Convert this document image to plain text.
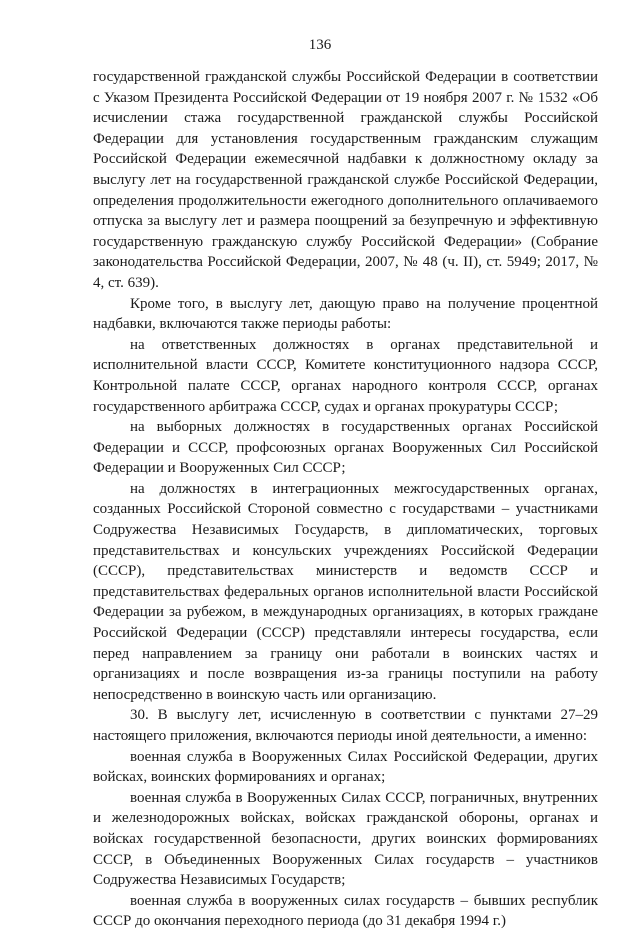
136

государственной гражданской службы Российской Федерации в соответствии с Указом Президента Российской Федерации от 19 ноября 2007 г. № 1532 «Об исчислении стажа государственной гражданской службы Российской Федерации для установления государственным гражданским служащим Российской Федерации ежемесячной надбавки к должностному окладу за выслугу лет на государственной гражданской службе Российской Федерации, определения продолжительности ежегодного дополнительного оплачиваемого отпуска за выслугу лет и размера поощрений за безупречную и эффективную государственную гражданскую службу Российской Федерации» (Собрание законодательства Российской Федерации, 2007, № 48 (ч. II), ст. 5949; 2017, № 4, ст. 639).

Кроме того, в выслугу лет, дающую право на получение процентной надбавки, включаются также периоды работы:

на ответственных должностях в органах представительной и исполнительной власти СССР, Комитете конституционного надзора СССР, Контрольной палате СССР, органах народного контроля СССР, органах государственного арбитража СССР, судах и органах прокуратуры СССР;

на выборных должностях в государственных органах Российской Федерации и СССР, профсоюзных органах Вооруженных Сил Российской Федерации и Вооруженных Сил СССР;

на должностях в интеграционных межгосударственных органах, созданных Российской Стороной совместно с государствами – участниками Содружества Независимых Государств, в дипломатических, торговых представительствах и консульских учреждениях Российской Федерации (СССР), представительствах министерств и ведомств СССР и представительствах федеральных органов исполнительной власти Российской Федерации за рубежом, в международных организациях, в которых граждане Российской Федерации (СССР) представляли интересы государства, если перед направлением за границу они работали в воинских частях и организациях и после возвращения из-за границы поступили на работу непосредственно в воинскую часть или организацию.

30. В выслугу лет, исчисленную в соответствии с пунктами 27–29 настоящего приложения, включаются периоды иной деятельности, а именно:

военная служба в Вооруженных Силах Российской Федерации, других войсках, воинских формированиях и органах;

военная служба в Вооруженных Силах СССР, пограничных, внутренних и железнодорожных войсках, войсках гражданской обороны, органах и войсках государственной безопасности, других воинских формированиях СССР, в Объединенных Вооруженных Силах государств – участников Содружества Независимых Государств;

военная служба в вооруженных силах государств – бывших республик СССР до окончания переходного периода (до 31 декабря 1994 г.)
